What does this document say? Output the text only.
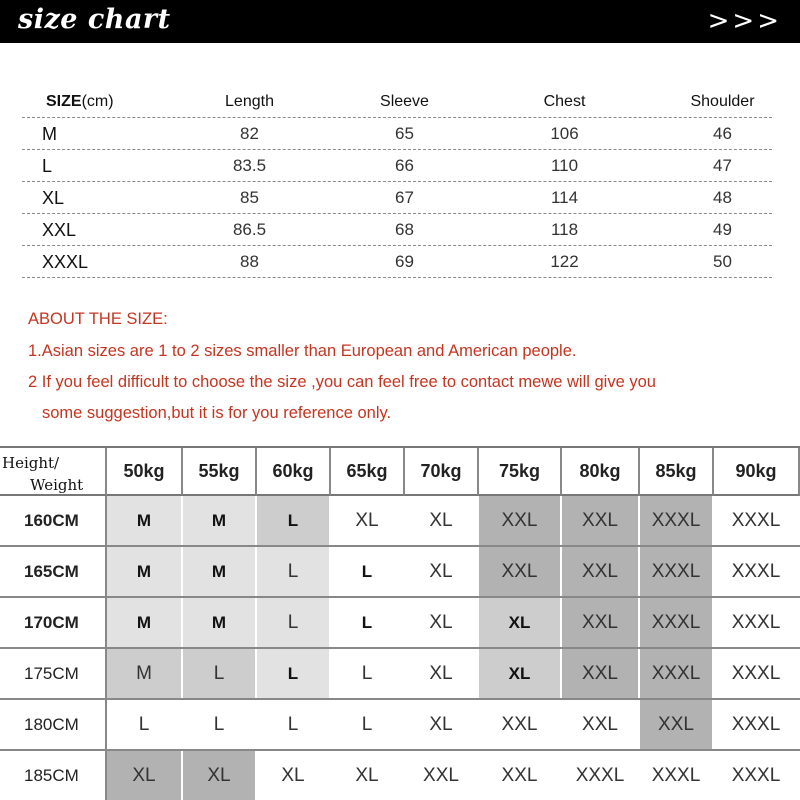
size chart	>>>
SIZE(cm)	Length	Sleeve	Chest	Shoulder
M	82	65	106	46
L	83.5	66	110	47
XL	85	67	114	48
XXL	86.5	68	118	49
XXXL	88	69	122	50
ABOUT THE SIZE:
1.Asian sizes are 1 to 2 sizes smaller than European and American people.
2 If you feel difficult to choose the size ,you can feel free to contact mewe will give you
some suggestion,but it is for you reference only.
Height/
Weight
50kg	55kg	60kg	65kg	70kg	75kg	80kg	85kg	90kg
160CM	M	M	L	XL	XL	XXL	XXL	XXXL	XXXL
165CM	M	M	L	L	XL	XXL	XXL	XXXL	XXXL
170CM	M	M	L	L	XL	XL	XXL	XXXL	XXXL
175CM	M	L	L	L	XL	XL	XXL	XXXL	XXXL
180CM	L	L	L	L	XL	XXL	XXL	XXL	XXXL
185CM	XL	XL	XL	XL	XXL	XXL	XXXL	XXXL	XXXL
